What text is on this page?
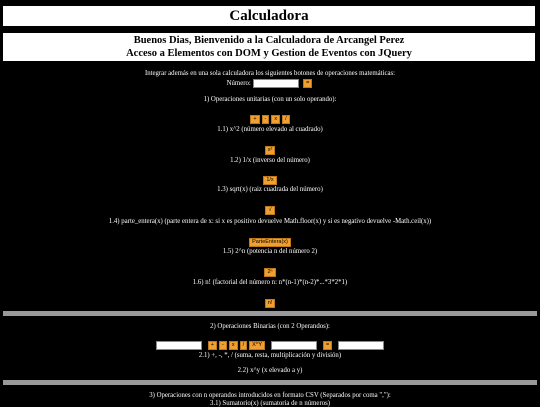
Calculadora
Buenos Dias, Bienvenido a la Calculadora de Arcangel Perez
Acceso a Elementos con DOM y Gestion de Eventos con JQuery
Integrar además en una sola calculadora los siguientes botones de operaciones matemáticas:
Número:	=
1) Operaciones unitarias (con un solo operando):
+ - x /
1.1) x^2 (número elevado al cuadrado)
x²
1.2) 1/x (inverso del número)
1/x
1.3) sqrt(x) (raiz cuadrada del número)
√
1.4) parte_entera(x) (parte entera de x: si x es positivo devuelve Math.floor(x) y si es negativo devuelve -Math.ceil(x))
ParteEntera(x)
1.5) 2^n (potencia n del número 2)
2ⁿ
1.6) n! (factorial del número n: n*(n-1)*(n-2)*...*3*2*1)
n!
2) Operaciones Binarias (con 2 Operandos):
+ - x / X^Y	=
2.1) +, -, *, / (suma, resta, multiplicación y división)
2.2) x^y (x elevado a y)
3) Operaciones con n operandos introducidos en formato CSV (Separados por coma ","):
3.1) Sumatorio(x) (sumatoria de n números)
